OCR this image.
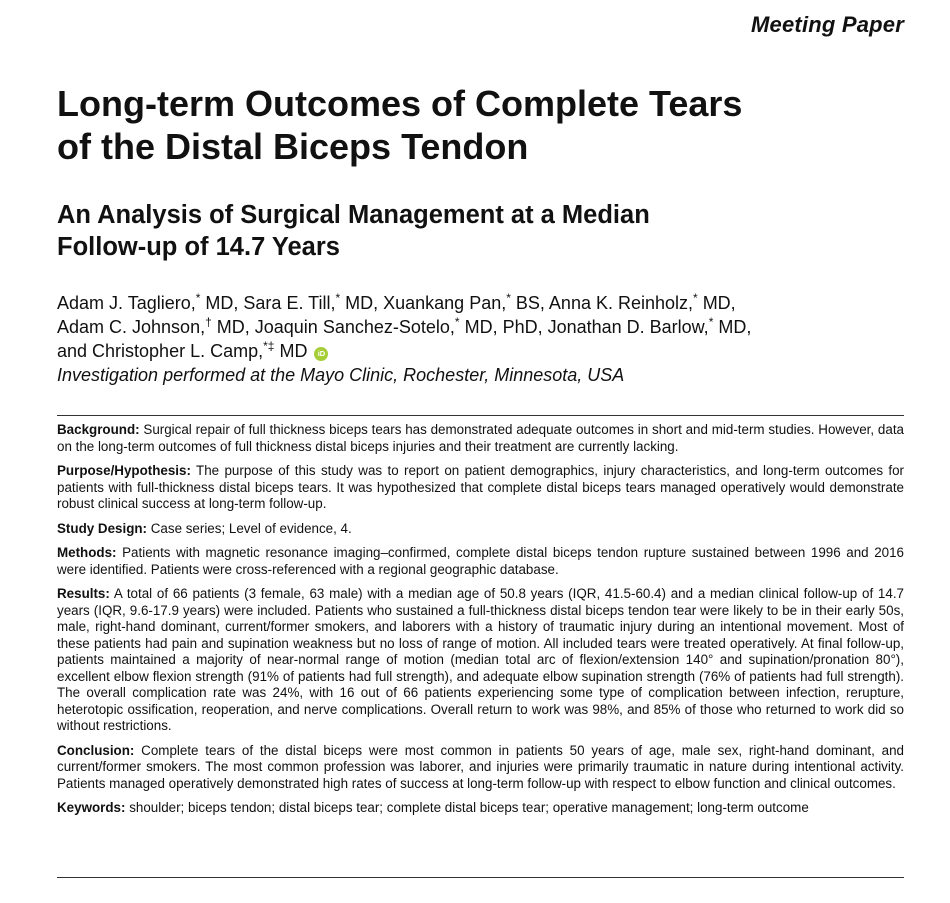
Meeting Paper
Long-term Outcomes of Complete Tears
of the Distal Biceps Tendon
An Analysis of Surgical Management at a Median
Follow-up of 14.7 Years
Adam J. Tagliero,* MD, Sara E. Till,* MD, Xuankang Pan,* BS, Anna K. Reinholz,* MD,
Adam C. Johnson,† MD, Joaquin Sanchez-Sotelo,* MD, PhD, Jonathan D. Barlow,* MD,
and Christopher L. Camp,*‡ MD iD
Investigation performed at the Mayo Clinic, Rochester, Minnesota, USA

Background: Surgical repair of full thickness biceps tears has demonstrated adequate outcomes in short and mid-term studies. However, data on the long-term outcomes of full thickness distal biceps injuries and their treatment are currently lacking.

Purpose/Hypothesis: The purpose of this study was to report on patient demographics, injury characteristics, and long-term outcomes for patients with full-thickness distal biceps tears. It was hypothesized that complete distal biceps tears managed operatively would demonstrate robust clinical success at long-term follow-up.

Study Design: Case series; Level of evidence, 4.

Methods: Patients with magnetic resonance imaging–confirmed, complete distal biceps tendon rupture sustained between 1996 and 2016 were identified. Patients were cross-referenced with a regional geographic database.

Results: A total of 66 patients (3 female, 63 male) with a median age of 50.8 years (IQR, 41.5-60.4) and a median clinical follow-up of 14.7 years (IQR, 9.6-17.9 years) were included. Patients who sustained a full-thickness distal biceps tendon tear were likely to be in their early 50s, male, right-hand dominant, current/former smokers, and laborers with a history of traumatic injury during an intentional movement. Most of these patients had pain and supination weakness but no loss of range of motion. All included tears were treated operatively. At final follow-up, patients maintained a majority of near-normal range of motion (median total arc of flexion/extension 140° and supination/pronation 80°), excellent elbow flexion strength (91% of patients had full strength), and adequate elbow supination strength (76% of patients had full strength). The overall complication rate was 24%, with 16 out of 66 patients experiencing some type of complication between infection, rerupture, heterotopic ossification, reoperation, and nerve complications. Overall return to work was 98%, and 85% of those who returned to work did so without restrictions.

Conclusion: Complete tears of the distal biceps were most common in patients 50 years of age, male sex, right-hand dominant, and current/former smokers. The most common profession was laborer, and injuries were primarily traumatic in nature during intentional activity. Patients managed operatively demonstrated high rates of success at long-term follow-up with respect to elbow function and clinical outcomes.

Keywords: shoulder; biceps tendon; distal biceps tear; complete distal biceps tear; operative management; long-term outcome
